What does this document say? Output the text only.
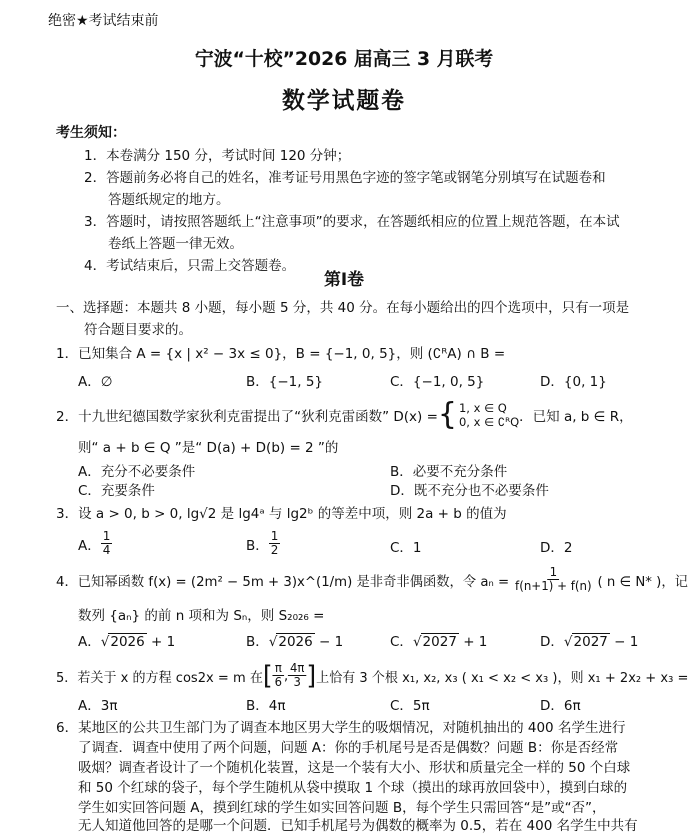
绝密★考试结束前
宁波“十校”2026 届高三 3 月联考
数学试题卷
考生须知：
1．本卷满分 150 分，考试时间 120 分钟；
2．答题前务必将自己的姓名，准考证号用黑色字迹的签字笔或钢笔分别填写在试题卷和
答题纸规定的地方。
3．答题时，请按照答题纸上“注意事项”的要求，在答题纸相应的位置上规范答题，在本试
卷纸上答题一律无效。
4．考试结束后，只需上交答题卷。
第Ⅰ卷
一、选择题：本题共 8 小题，每小题 5 分，共 40 分。在每小题给出的四个选项中，只有一项是
符合题目要求的。
1．已知集合 A = {x | x² − 3x ≤ 0}，B = {−1, 0, 5}，则 (∁ᴿA) ∩ B =
A．∅	B．{−1, 5}	C．{−1, 0, 5}	D．{0, 1}
2．十九世纪德国数学家狄利克雷提出了“狄利克雷函数” D(x) = { 1, x ∈ Q
0, x ∈ ∁ᴿQ ．已知 a, b ∈ R，
则“ a + b ∈ Q ”是“ D(a) + D(b) = 2 ”的
A．充分不必要条件	B．必要不充分条件
C．充要条件	D．既不充分也不必要条件
3．设 a > 0, b > 0, lg√2 是 lg4ᵃ 与 lg2ᵇ 的等差中项，则 2a + b 的值为
A． $\frac{1}{4}$	B． $\frac{1}{2}$	C．1	D．2
4．已知幂函数 f(x) = (2m² − 5m + 3)x^(1/m) 是非奇非偶函数，令 $a_n = \frac{1}{f(n+1) + f(n)}$ ( n ∈ N* )，记
数列 {aₙ} 的前 n 项和为 Sₙ，则 S₂₀₂₆ =
A．√2026 + 1	B．√2026 − 1	C．√2027 + 1	D．√2027 − 1
5．若关于 x 的方程 cos2x = m 在 [ $\frac{\pi}{6}$ , $\frac{4\pi}{3}$ ] 上恰有 3 个根 x₁, x₂, x₃ ( x₁ < x₂ < x₃ )，则 x₁ + 2x₂ + x₃ =
A．3π	B．4π	C．5π	D．6π
6．某地区的公共卫生部门为了调查本地区男大学生的吸烟情况，对随机抽出的 400 名学生进行
了调查．调查中使用了两个问题，问题 A：你的手机尾号是否是偶数？问题 B：你是否经常
吸烟？调查者设计了一个随机化装置，这是一个装有大小、形状和质量完全一样的 50 个白球
和 50 个红球的袋子，每个学生随机从袋中摸取 1 个球（摸出的球再放回袋中），摸到白球的
学生如实回答问题 A，摸到红球的学生如实回答问题 B，每个学生只需回答“是”或“否”，
无人知道他回答的是哪一个问题．已知手机尾号为偶数的概率为 0.5，若在 400 名学生中共有
